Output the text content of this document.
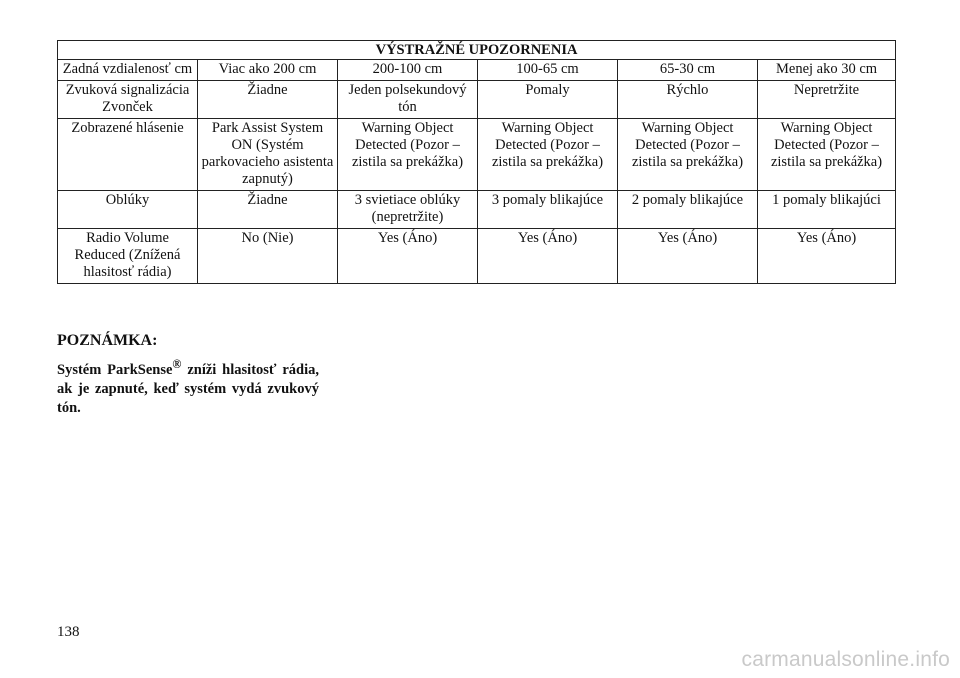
VÝSTRAŽNÉ UPOZORNENIA					
Zadná vzdialenosť cm	Viac ako 200 cm	200-100 cm	100-65 cm	65-30 cm	Menej ako 30 cm
Zvuková signalizácia Zvonček	Žiadne	Jeden polsekundový tón	Pomaly	Rýchlo	Nepretržite
Zobrazené hlásenie	Park Assist System ON (Systém parkovacieho asistenta zapnutý)	Warning Object Detected (Pozor – zistila sa prekážka)	Warning Object Detected (Pozor – zistila sa prekážka)	Warning Object Detected (Pozor – zistila sa prekážka)	Warning Object Detected (Pozor – zistila sa prekážka)
Oblúky	Žiadne	3 svietiace oblúky (nepretržite)	3 pomaly blikajúce	2 pomaly blikajúce	1 pomaly blikajúci
Radio Volume Reduced (Znížená hlasitosť rádia)	No (Nie)	Yes (Áno)	Yes (Áno)	Yes (Áno)	Yes (Áno)
POZNÁMKA:
Systém ParkSense® zníži hlasitosť rádia, ak je zapnuté, keď systém vydá zvukový tón.
138
carmanualsonline.info
